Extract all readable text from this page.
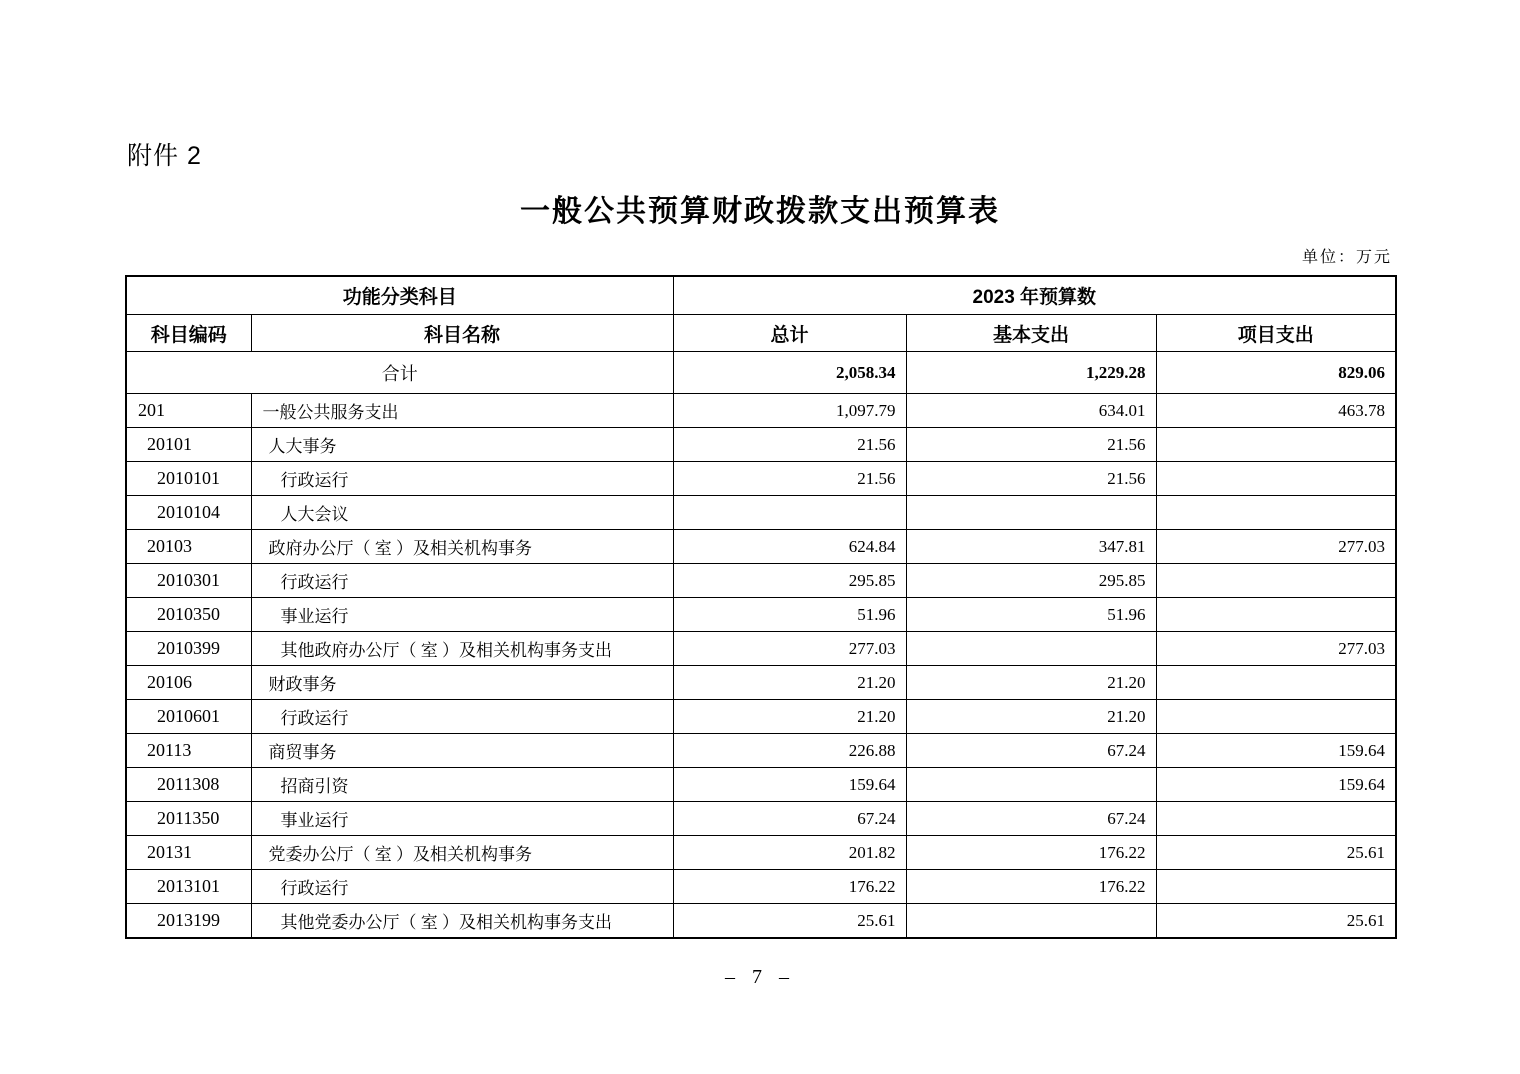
附件 2
一般公共预算财政拨款支出预算表
单位：万元
功能分类科目		2023 年预算数		
科目编码	科目名称	总计	基本支出	项目支出
合计		2,058.34	1,229.28	829.06
201	一般公共服务支出	1,097.79	634.01	463.78
20101	人大事务	21.56	21.56	
2010101	行政运行	21.56	21.56	
2010104	人大会议			
20103	政府办公厅（ 室 ）及相关机构事务	624.84	347.81	277.03
2010301	行政运行	295.85	295.85	
2010350	事业运行	51.96	51.96	
2010399	其他政府办公厅（ 室 ）及相关机构事务支出	277.03		277.03
20106	财政事务	21.20	21.20	
2010601	行政运行	21.20	21.20	
20113	商贸事务	226.88	67.24	159.64
2011308	招商引资	159.64		159.64
2011350	事业运行	67.24	67.24	
20131	党委办公厅（ 室 ）及相关机构事务	201.82	176.22	25.61
2013101	行政运行	176.22	176.22	
2013199	其他党委办公厅（ 室 ）及相关机构事务支出	25.61		25.61
– 7 –
